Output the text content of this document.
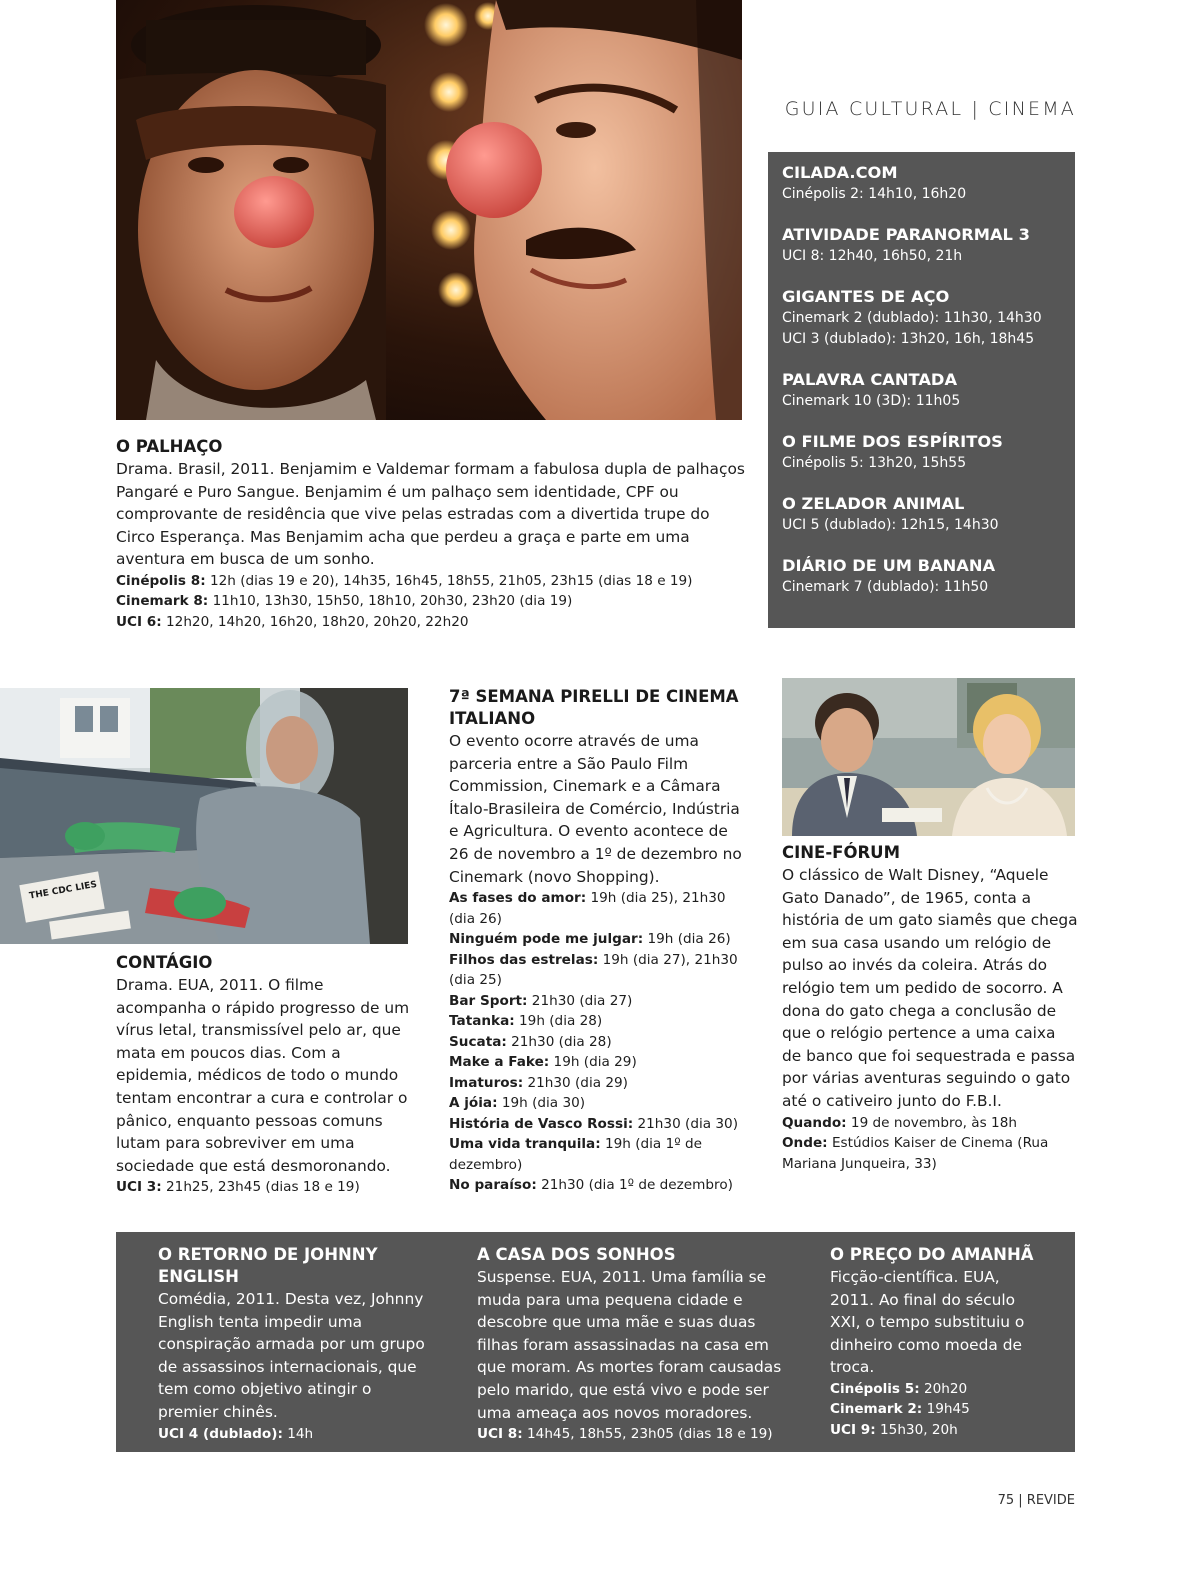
GUIA CULTURAL | CINEMA
O PALHAÇO
Drama. Brasil, 2011. Benjamim e Valdemar formam a fabulosa dupla de palhaços Pangaré e Puro Sangue. Benjamim é um palhaço sem identidade, CPF ou comprovante de residência que vive pelas estradas com a divertida trupe do Circo Esperança. Mas Benjamim acha que perdeu a graça e parte em uma aventura em busca de um sonho.
Cinépolis 8: 12h (dias 19 e 20), 14h35, 16h45, 18h55, 21h05, 23h15 (dias 18 e 19)
Cinemark 8: 11h10, 13h30, 15h50, 18h10, 20h30, 23h20 (dia 19)
UCI 6: 12h20, 14h20, 16h20, 18h20, 20h20, 22h20
CILADA.COM
Cinépolis 2: 14h10, 16h20
ATIVIDADE PARANORMAL 3
UCI 8: 12h40, 16h50, 21h
GIGANTES DE AÇO
Cinemark 2 (dublado): 11h30, 14h30
UCI 3 (dublado): 13h20, 16h, 18h45
PALAVRA CANTADA
Cinemark 10 (3D): 11h05
O FILME DOS ESPÍRITOS
Cinépolis 5: 13h20, 15h55
O ZELADOR ANIMAL
UCI 5 (dublado): 12h15, 14h30
DIÁRIO DE UM BANANA
Cinemark 7 (dublado): 11h50
THE CDC LIES
CONTÁGIO
Drama. EUA, 2011. O filme acompanha o rápido progresso de um vírus letal, transmissível pelo ar, que mata em poucos dias. Com a epidemia, médicos de todo o mundo tentam encontrar a cura e controlar o pânico, enquanto pessoas comuns lutam para sobreviver em uma sociedade que está desmoronando.
UCI 3: 21h25, 23h45 (dias 18 e 19)
7ª SEMANA PIRELLI DE CINEMA ITALIANO
O evento ocorre através de uma parceria entre a São Paulo Film Commission, Cinemark e a Câmara Ítalo-Brasileira de Comércio, Indústria e Agricultura. O evento acontece de 26 de novembro a 1º de dezembro no Cinemark (novo Shopping).
As fases do amor: 19h (dia 25), 21h30 (dia 26)
Ninguém pode me julgar: 19h (dia 26)
Filhos das estrelas: 19h (dia 27), 21h30 (dia 25)
Bar Sport: 21h30 (dia 27)
Tatanka: 19h (dia 28)
Sucata: 21h30 (dia 28)
Make a Fake: 19h (dia 29)
Imaturos: 21h30 (dia 29)
A jóia: 19h (dia 30)
História de Vasco Rossi: 21h30 (dia 30)
Uma vida tranquila: 19h (dia 1º de dezembro)
No paraíso: 21h30 (dia 1º de dezembro)
CINE-FÓRUM
O clássico de Walt Disney, “Aquele Gato Danado”, de 1965, conta a história de um gato siamês que chega em sua casa usando um relógio de pulso ao invés da coleira. Atrás do relógio tem um pedido de socorro. A dona do gato chega a conclusão de que o relógio pertence a uma caixa de banco que foi sequestrada e passa por várias aventuras seguindo o gato até o cativeiro junto do F.B.I.
Quando: 19 de novembro, às 18h
Onde: Estúdios Kaiser de Cinema (Rua Mariana Junqueira, 33)
O RETORNO DE JOHNNY ENGLISH
Comédia, 2011. Desta vez, Johnny English tenta impedir uma conspiração armada por um grupo de assassinos internacionais, que tem como objetivo atingir o premier chinês.
UCI 4 (dublado): 14h
A CASA DOS SONHOS
Suspense. EUA, 2011. Uma família se muda para uma pequena cidade e descobre que uma mãe e suas duas filhas foram assassinadas na casa em que moram. As mortes foram causadas pelo marido, que está vivo e pode ser uma ameaça aos novos moradores.
UCI 8: 14h45, 18h55, 23h05 (dias 18 e 19)
O PREÇO DO AMANHÃ
Ficção-científica. EUA, 2011. Ao final do século XXI, o tempo substituiu o dinheiro como moeda de troca.
Cinépolis 5: 20h20
Cinemark 2: 19h45
UCI 9: 15h30, 20h
75 | REVIDE
